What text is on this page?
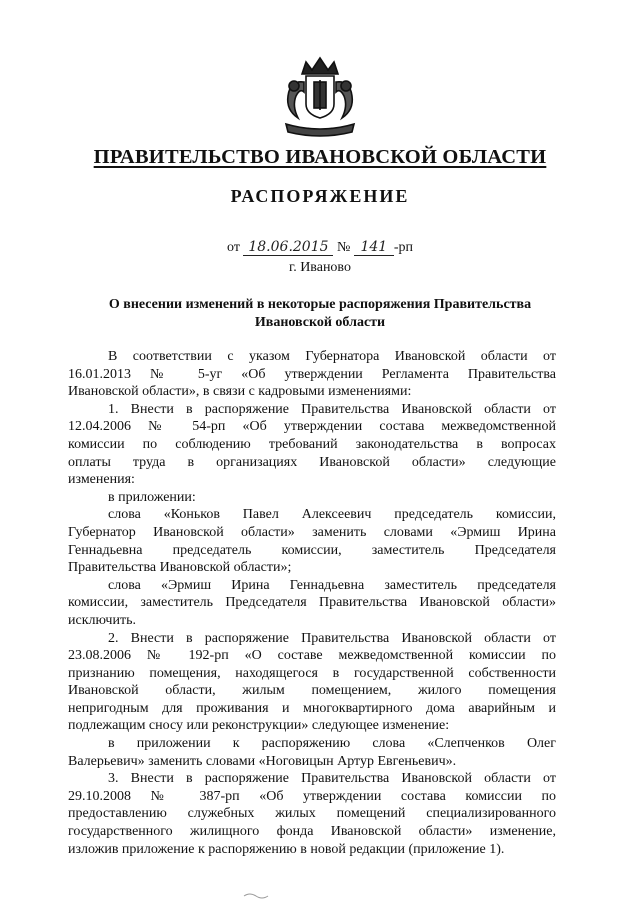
ПРАВИТЕЛЬСТВО ИВАНОВСКОЙ ОБЛАСТИ
РАСПОРЯЖЕНИЕ
от 18.06.2015 № 141 -рп
г. Иваново
О внесении изменений в некоторые распоряжения Правительства
Ивановской области

В соответствии с указом Губернатора Ивановской области от

16.01.2013 № 5-уг «Об утверждении Регламента Правительства

Ивановской области», в связи с кадровыми изменениями:

1. Внести в распоряжение Правительства Ивановской области от

12.04.2006 № 54-рп «Об утверждении состава межведомственной

комиссии по соблюдению требований законодательства в вопросах

оплаты труда в организациях Ивановской области» следующие

изменения:

в приложении:

слова «Коньков Павел Алексеевич председатель комиссии,

Губернатор Ивановской области» заменить словами «Эрмиш Ирина

Геннадьевна председатель комиссии, заместитель Председателя

Правительства Ивановской области»;

слова «Эрмиш Ирина Геннадьевна заместитель председателя

комиссии, заместитель Председателя Правительства Ивановской области»

исключить.

2. Внести в распоряжение Правительства Ивановской области от

23.08.2006 № 192-рп «О составе межведомственной комиссии по

признанию помещения, находящегося в государственной собственности

Ивановской области, жилым помещением, жилого помещения

непригодным для проживания и многоквартирного дома аварийным и

подлежащим сносу или реконструкции» следующее изменение:

в приложении к распоряжению слова «Слепченков Олег

Валерьевич» заменить словами «Ноговицын Артур Евгеньевич».

3. Внести в распоряжение Правительства Ивановской области от

29.10.2008 № 387-рп «Об утверждении состава комиссии по

предоставлению служебных жилых помещений специализированного

государственного жилищного фонда Ивановской области» изменение,

изложив приложение к распоряжению в новой редакции (приложение 1).
